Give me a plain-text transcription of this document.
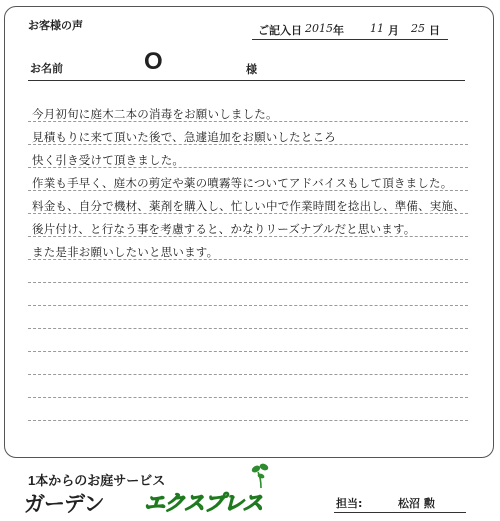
お客様の声	ご記入日 2015 年 11 月 25 日
お名前	O	様
今月初旬に庭木二本の消毒をお願いしました。
見積もりに来て頂いた後で、急遽追加をお願いしたところ
快く引き受けて頂きました。
作業も手早く、庭木の剪定や薬の噴霧等についてアドバイスもして頂きました。
料金も、自分で機材、薬剤を購入し、忙しい中で作業時間を捻出し、準備、実施、
後片付け、と行なう事を考慮すると、かなりリーズナブルだと思います。
また是非お願いしたいと思います。
1本からのお庭サービス
ガーデン エクスプレス	担当:	松沼 勲
